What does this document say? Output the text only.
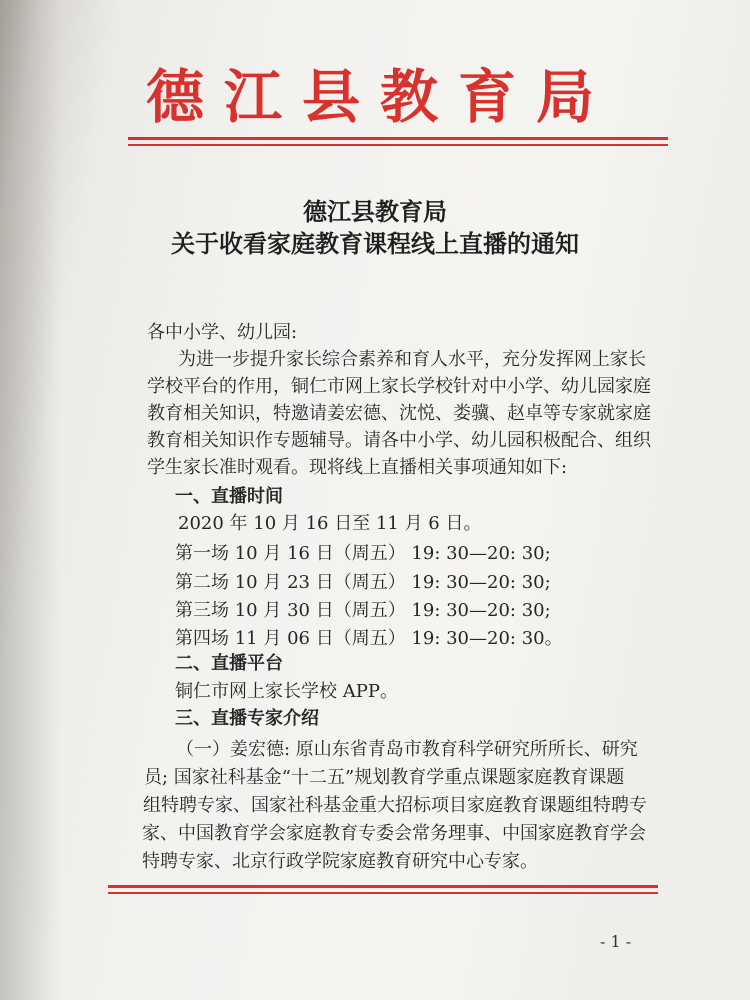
德江县教育局
德江县教育局
关于收看家庭教育课程线上直播的通知
各中小学、幼儿园:
为进一步提升家长综合素养和育人水平，充分发挥网上家长
学校平台的作用，铜仁市网上家长学校针对中小学、幼儿园家庭
教育相关知识，特邀请姜宏德、沈悦、娄骥、赵卓等专家就家庭
教育相关知识作专题辅导。请各中小学、幼儿园积极配合、组织
学生家长准时观看。现将线上直播相关事项通知如下:
一、直播时间
2020 年 10 月 16 日至 11 月 6 日。
第一场 10 月 16 日（周五） 19: 30—20: 30;
第二场 10 月 23 日（周五） 19: 30—20: 30;
第三场 10 月 30 日（周五） 19: 30—20: 30;
第四场 11 月 06 日（周五） 19: 30—20: 30。
二、直播平台
铜仁市网上家长学校 APP。
三、直播专家介绍
（一）姜宏德: 原山东省青岛市教育科学研究所所长、研究
员; 国家社科基金“十二五”规划教育学重点课题家庭教育课题
组特聘专家、国家社科基金重大招标项目家庭教育课题组特聘专
家、中国教育学会家庭教育专委会常务理事、中国家庭教育学会
特聘专家、北京行政学院家庭教育研究中心专家。
- 1 -
